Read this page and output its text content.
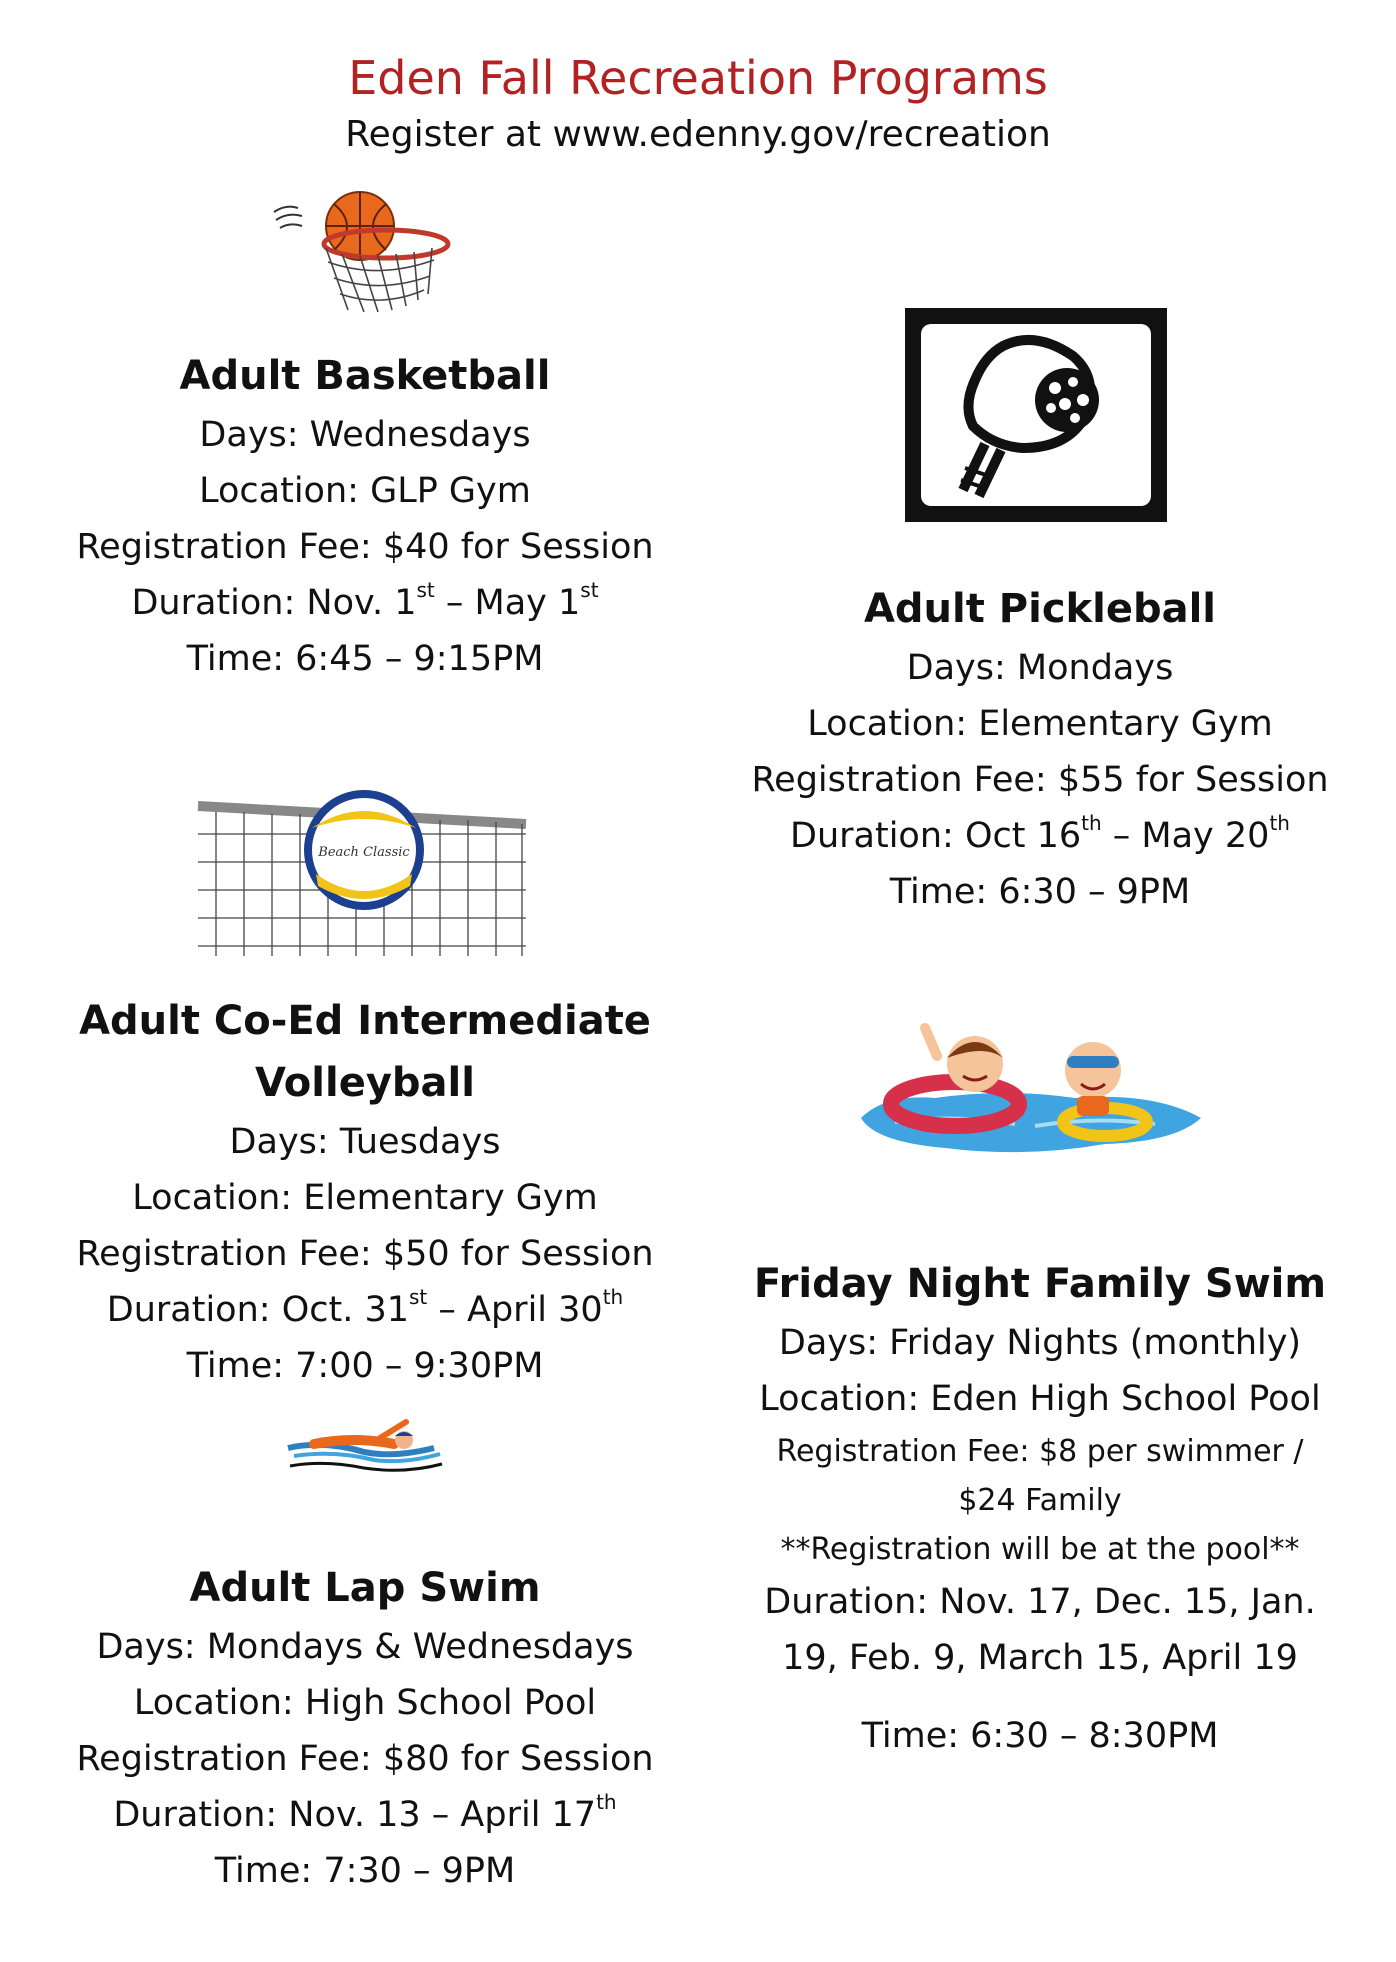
Eden Fall Recreation Programs
Register at www.edenny.gov/recreation
Beach Classic
Adult Basketball
Days: Wednesdays
Location: GLP Gym
Registration Fee: $40 for Session
Duration: Nov. 1st – May 1st
Time: 6:45 – 9:15PM
Adult Co-Ed Intermediate
Volleyball
Days: Tuesdays
Location: Elementary Gym
Registration Fee: $50 for Session
Duration: Oct. 31st – April 30th
Time: 7:00 – 9:30PM
Adult Lap Swim
Days: Mondays & Wednesdays
Location: High School Pool
Registration Fee: $80 for Session
Duration: Nov. 13 – April 17th
Time: 7:30 – 9PM
Adult Pickleball
Days: Mondays
Location: Elementary Gym
Registration Fee: $55 for Session
Duration: Oct 16th – May 20th
Time: 6:30 – 9PM
Friday Night Family Swim
Days: Friday Nights (monthly)
Location: Eden High School Pool
Registration Fee: $8 per swimmer /
$24 Family
**Registration will be at the pool**
Duration: Nov. 17, Dec. 15, Jan.
19, Feb. 9, March 15, April 19
Time: 6:30 – 8:30PM
